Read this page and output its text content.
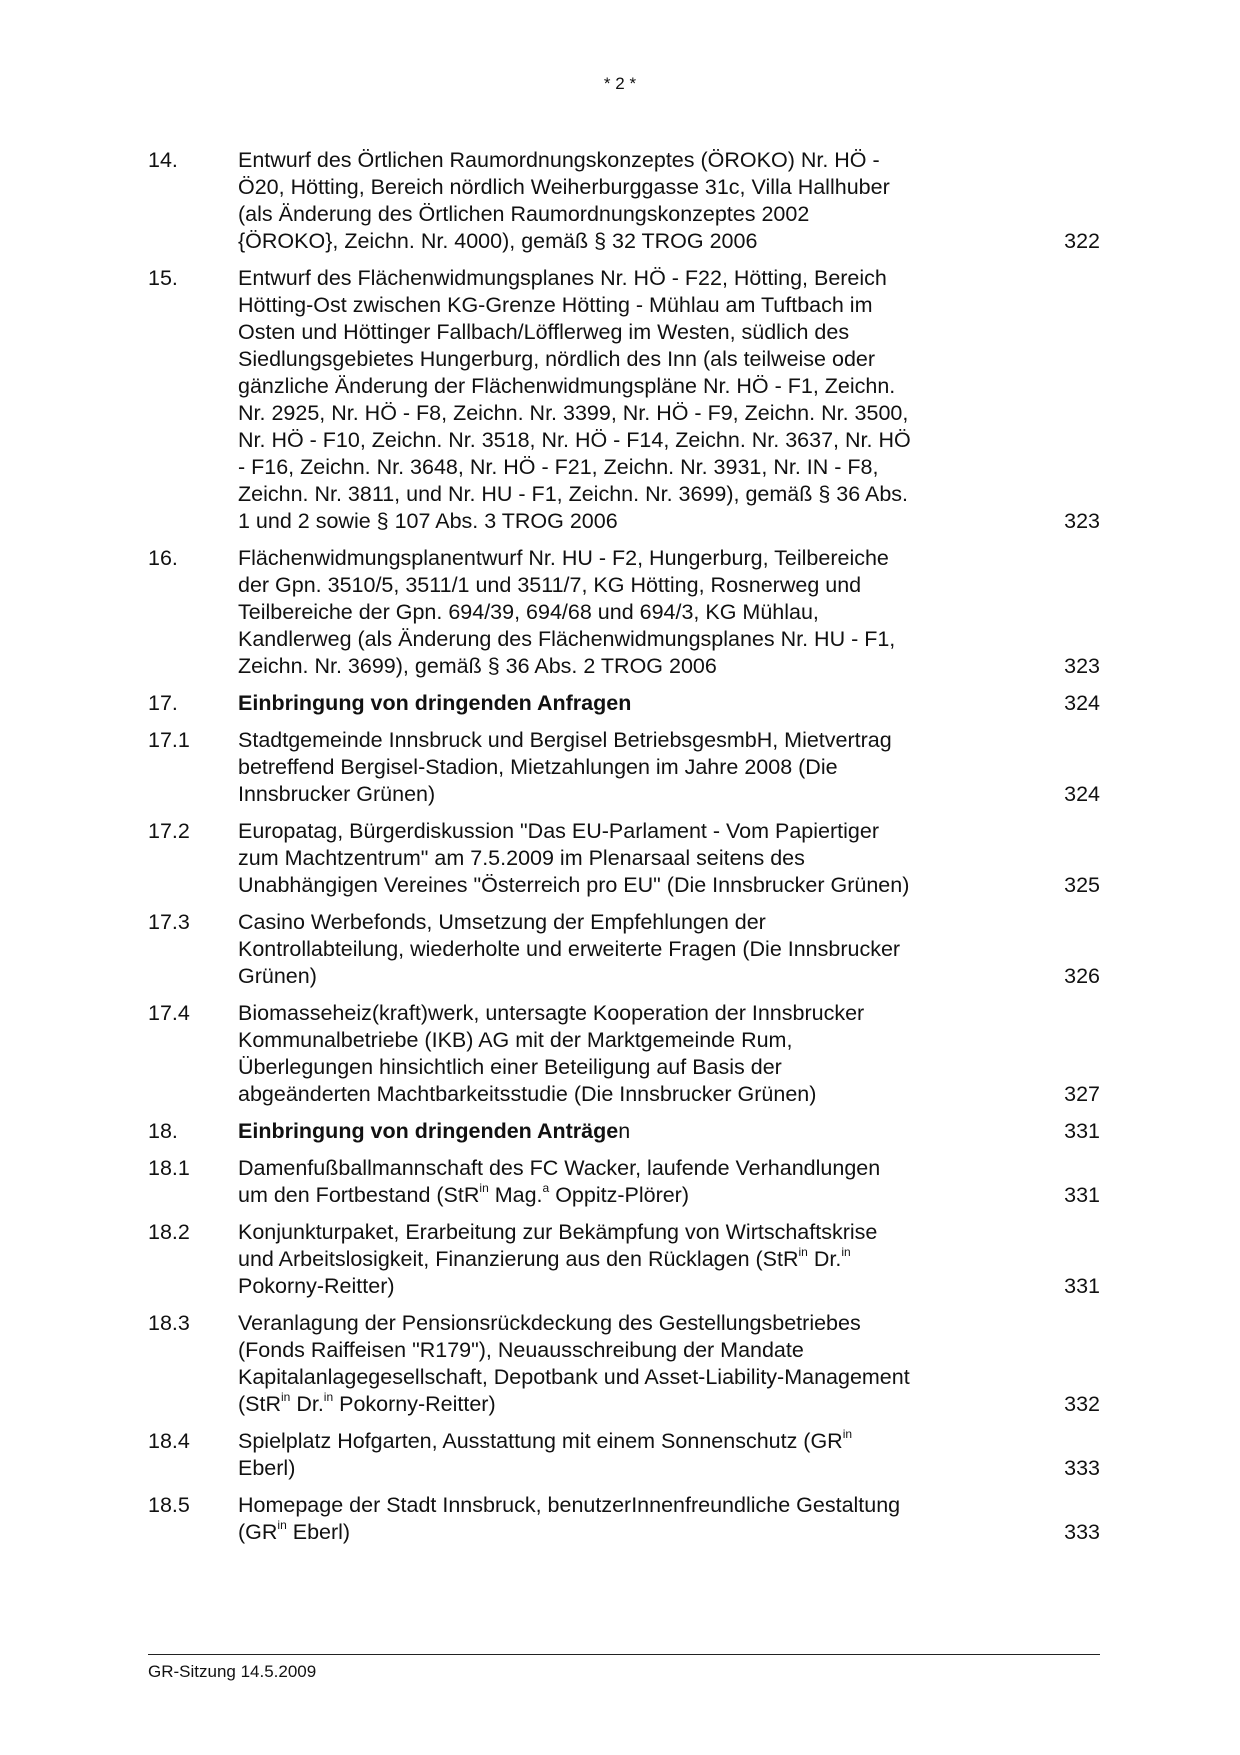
* 2 *
14.	Entwurf des Örtlichen Raumordnungskonzeptes (ÖROKO) Nr. HÖ - Ö20, Hötting, Bereich nördlich Weiherburggasse 31c, Villa Hallhuber (als Änderung des Örtlichen Raumordnungskonzeptes 2002 {ÖROKO}, Zeichn. Nr. 4000), gemäß § 32 TROG 2006	322
15.	Entwurf des Flächenwidmungsplanes Nr. HÖ - F22, Hötting, Bereich Hötting-Ost zwischen KG-Grenze Hötting - Mühlau am Tuftbach im Osten und Höttinger Fallbach/Löfflerweg im Westen, südlich des Siedlungsgebietes Hungerburg, nördlich des Inn (als teilweise oder gänzliche Änderung der Flächenwidmungspläne Nr. HÖ - F1, Zeichn. Nr. 2925, Nr. HÖ - F8, Zeichn. Nr. 3399, Nr. HÖ - F9, Zeichn. Nr. 3500, Nr. HÖ - F10, Zeichn. Nr. 3518, Nr. HÖ - F14, Zeichn. Nr. 3637, Nr. HÖ - F16, Zeichn. Nr. 3648, Nr. HÖ - F21, Zeichn. Nr. 3931, Nr. IN - F8, Zeichn. Nr. 3811, und Nr. HU - F1, Zeichn. Nr. 3699), gemäß § 36 Abs. 1 und 2 sowie § 107 Abs. 3 TROG 2006	323
16.	Flächenwidmungsplanentwurf Nr. HU - F2, Hungerburg, Teilbereiche der Gpn. 3510/5, 3511/1 und 3511/7, KG Hötting, Rosnerweg und Teilbereiche der Gpn. 694/39, 694/68 und 694/3, KG Mühlau, Kandlerweg (als Änderung des Flächenwidmungsplanes Nr. HU - F1, Zeichn. Nr. 3699), gemäß § 36 Abs. 2 TROG 2006	323
17.	Einbringung von dringenden Anfragen	324
17.1	Stadtgemeinde Innsbruck und Bergisel BetriebsgesmbH, Mietvertrag betreffend Bergisel-Stadion, Mietzahlungen im Jahre 2008 (Die Innsbrucker Grünen)	324
17.2	Europatag, Bürgerdiskussion "Das EU-Parlament - Vom Papiertiger zum Machtzentrum" am 7.5.2009 im Plenarsaal seitens des Unabhängigen Vereines "Österreich pro EU" (Die Innsbrucker Grünen)	325
17.3	Casino Werbefonds, Umsetzung der Empfehlungen der Kontrollabteilung, wiederholte und erweiterte Fragen (Die Innsbrucker Grünen)	326
17.4	Biomasseheiz(kraft)werk, untersagte Kooperation der Innsbrucker Kommunalbetriebe (IKB) AG mit der Marktgemeinde Rum, Überlegungen hinsichtlich einer Beteiligung auf Basis der abgeänderten Machtbarkeitsstudie (Die Innsbrucker Grünen)	327
18.	Einbringung von dringenden Anträgen	331
18.1	Damenfußballmannschaft des FC Wacker, laufende Verhandlungen um den Fortbestand (StR$^{in}$ Mag.$^a$ Oppitz-Plörer)	331
18.2	Konjunkturpaket, Erarbeitung zur Bekämpfung von Wirtschaftskrise und Arbeitslosigkeit, Finanzierung aus den Rücklagen (StR$^{in}$ Dr.$^{in}$ Pokorny-Reitter)	331
18.3	Veranlagung der Pensionsrückdeckung des Gestellungsbetriebes (Fonds Raiffeisen "R179"), Neuausschreibung der Mandate Kapitalanlagegesellschaft, Depotbank und Asset-Liability-Management (StR$^{in}$ Dr.$^{in}$ Pokorny-Reitter)	332
18.4	Spielplatz Hofgarten, Ausstattung mit einem Sonnenschutz ($GR^{in}$ Eberl)	333
18.5	Homepage der Stadt Innsbruck, benutzerInnenfreundliche Gestaltung ($GR^{in}$ Eberl)	333
GR-Sitzung 14.5.2009
